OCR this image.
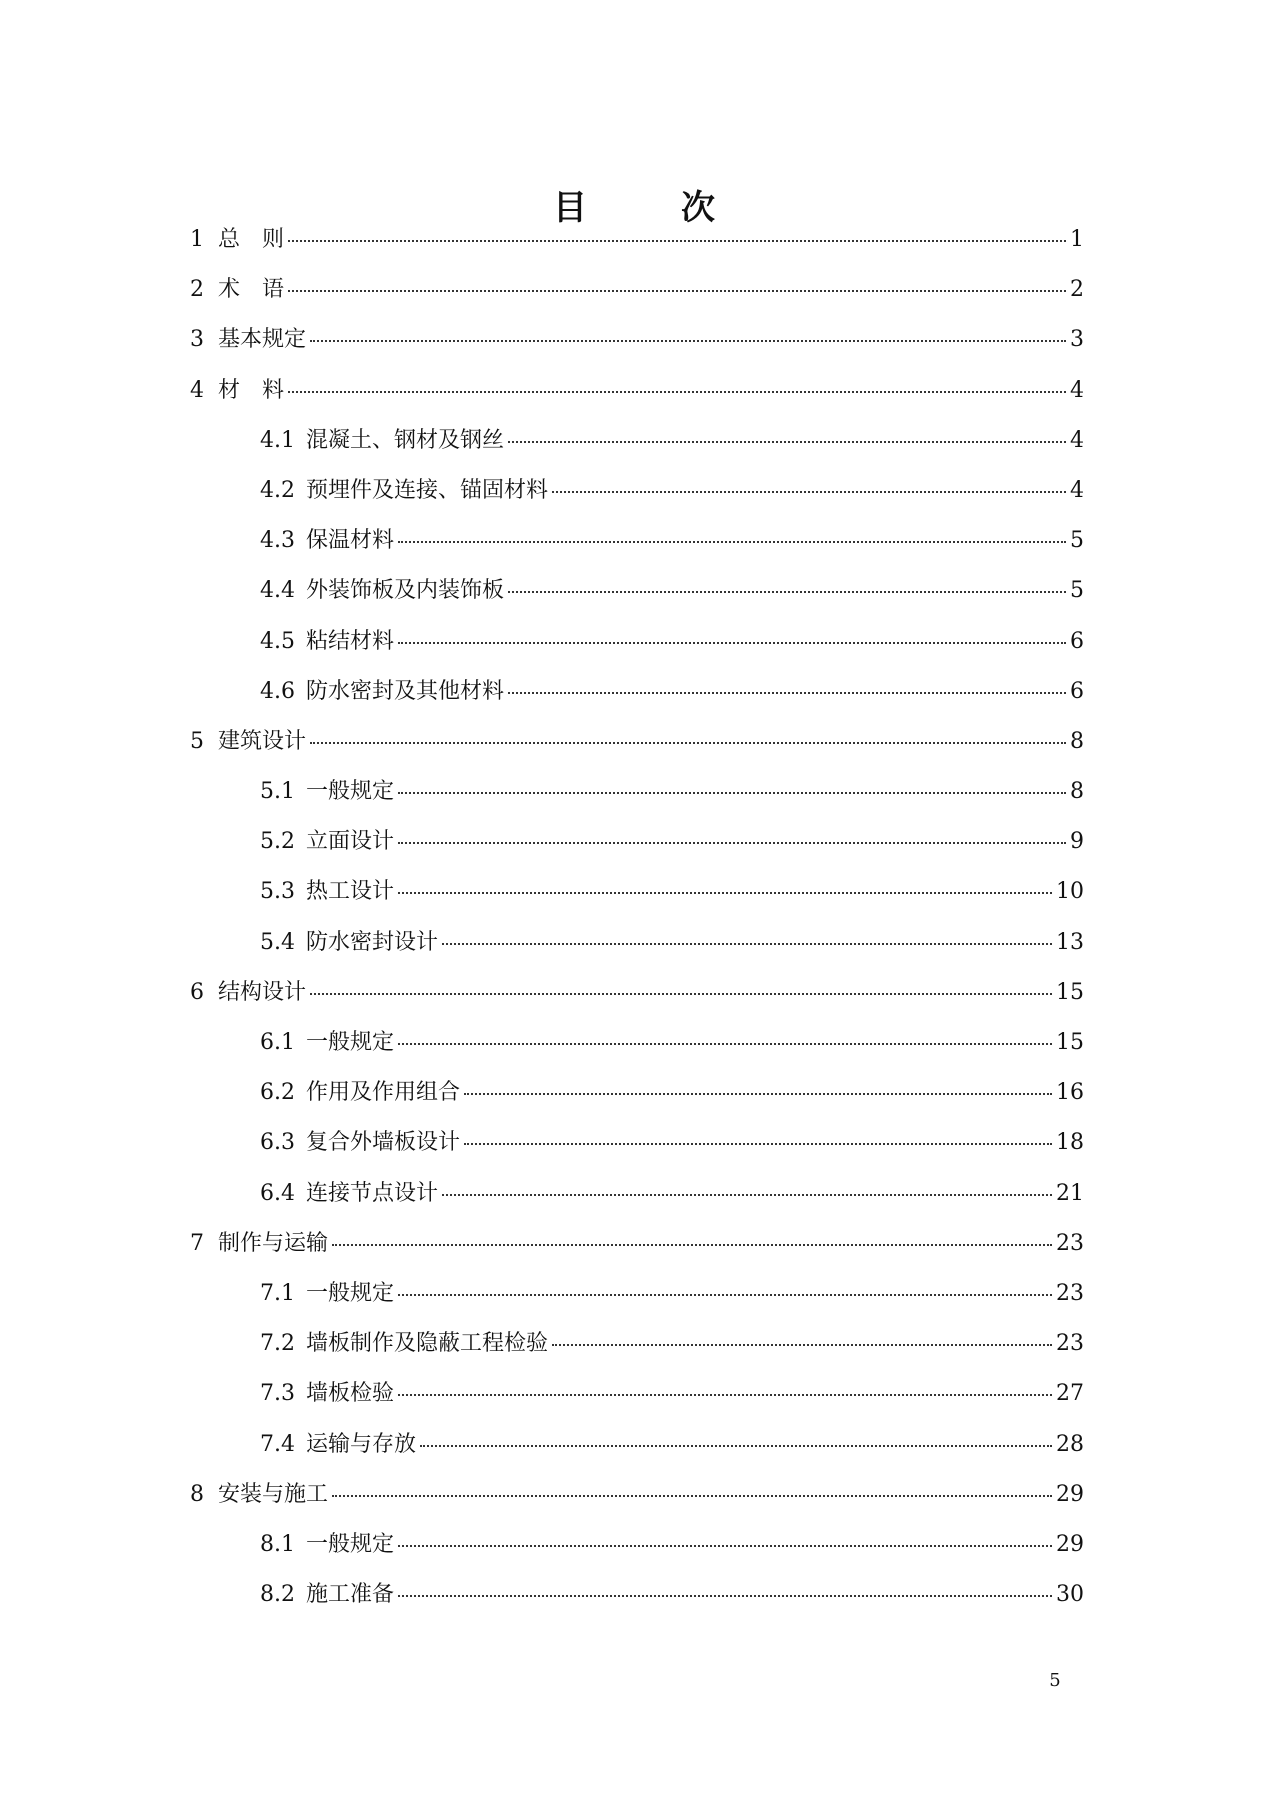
目　次
1 总　则	1
2 术　语	2
3 基本规定	3
4 材　料	4
4.1 混凝土、钢材及钢丝	4
4.2 预埋件及连接、锚固材料	4
4.3 保温材料	5
4.4 外装饰板及内装饰板	5
4.5 粘结材料	6
4.6 防水密封及其他材料	6
5 建筑设计	8
5.1 一般规定	8
5.2 立面设计	9
5.3 热工设计	10
5.4 防水密封设计	13
6 结构设计	15
6.1 一般规定	15
6.2 作用及作用组合	16
6.3 复合外墙板设计	18
6.4 连接节点设计	21
7 制作与运输	23
7.1 一般规定	23
7.2 墙板制作及隐蔽工程检验	23
7.3 墙板检验	27
7.4 运输与存放	28
8 安装与施工	29
8.1 一般规定	29
8.2 施工准备	30
5
